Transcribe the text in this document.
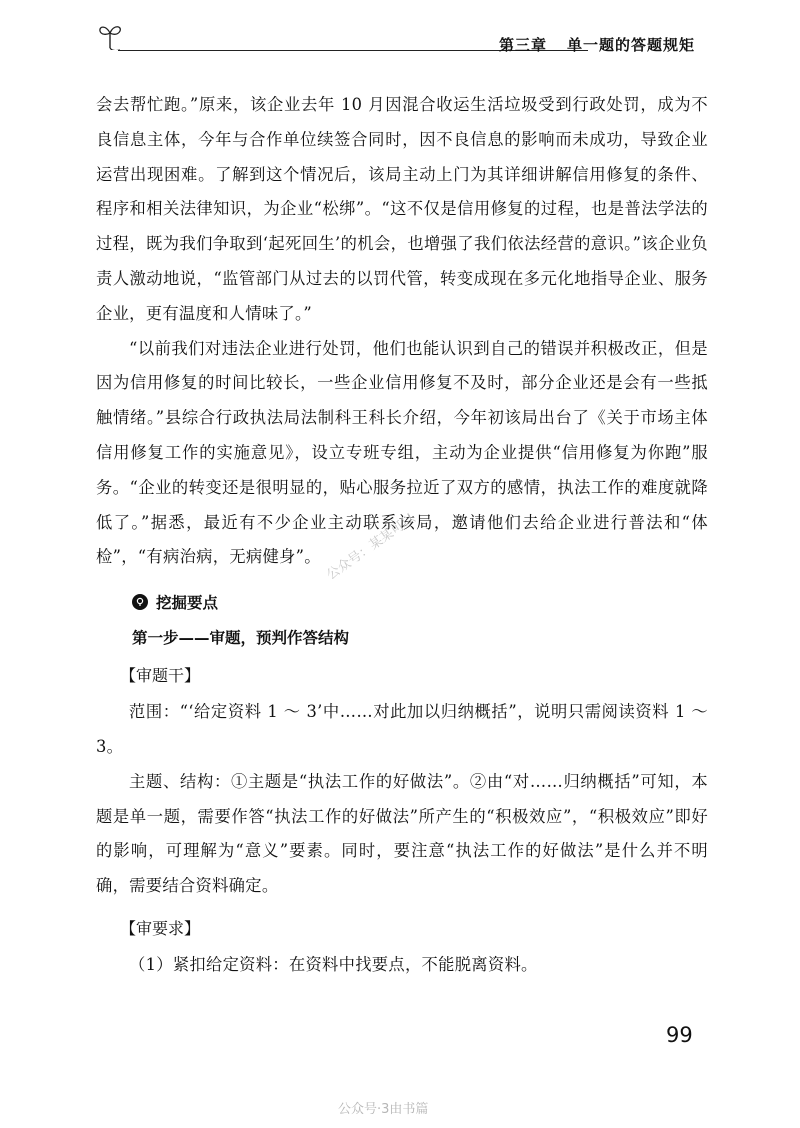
第三章 单一题的答题规矩

会去帮忙跑。”原来，该企业去年 10 月因混合收运生活垃圾受到行政处罚，成为不良信息主体，今年与合作单位续签合同时，因不良信息的影响而未成功，导致企业运营出现困难。了解到这个情况后，该局主动上门为其详细讲解信用修复的条件、程序和相关法律知识，为企业“松绑”。“这不仅是信用修复的过程，也是普法学法的过程，既为我们争取到‘起死回生’的机会，也增强了我们依法经营的意识。”该企业负责人激动地说，“监管部门从过去的以罚代管，转变成现在多元化地指导企业、服务企业，更有温度和人情味了。”

“以前我们对违法企业进行处罚，他们也能认识到自己的错误并积极改正，但是因为信用修复的时间比较长，一些企业信用修复不及时，部分企业还是会有一些抵触情绪。”县综合行政执法局法制科王科长介绍，今年初该局出台了《关于市场主体信用修复工作的实施意见》，设立专班专组，主动为企业提供“信用修复为你跑”服务。“企业的转变还是很明显的，贴心服务拉近了双方的感情，执法工作的难度就降低了。”据悉，最近有不少企业主动联系该局，邀请他们去给企业进行普法和“体检”，“有病治病，无病健身”。

挖掘要点
第一步——审题，预判作答结构
【审题干】

范围：“‘给定资料 1 ～ 3’中……对此加以归纳概括”，说明只需阅读资料 1 ～ 3。

主题、结构：①主题是“执法工作的好做法”。②由“对……归纳概括”可知，本题是单一题，需要作答“执法工作的好做法”所产生的“积极效应”，“积极效应”即好的影响，可理解为“意义”要素。同时，要注意“执法工作的好做法”是什么并不明确，需要结合资料确定。

【审要求】

（1）紧扣给定资料：在资料中找要点，不能脱离资料。

公众号：某某可以
99
公众号·3由书篇
